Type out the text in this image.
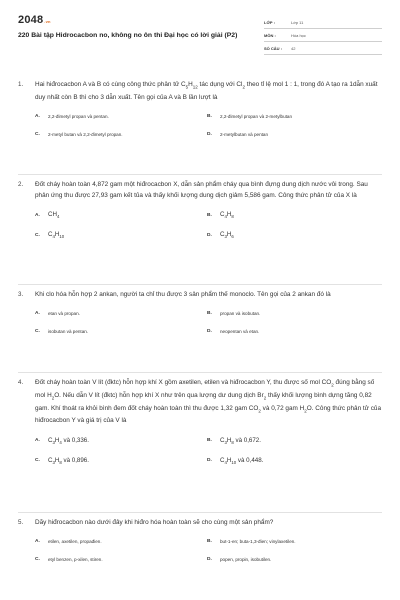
2048 .vn
220 Bài tập Hidrocacbon no, không no ôn thi Đại học có lời giải (P2)
LỚP :	Lớp 11
MÔN :	Hóa học
SỐ CÂU :	42
1.	Hai hiđrocacbon A và B có cùng công thức phân tử $C_5H_{12}$ tác dụng với $Cl_2$ theo tỉ lệ mol 1 : 1, trong đó A tạo ra 1dẫn xuất duy nhất còn B thì cho 3 dẫn xuất. Tên gọi của A và B lần lượt là
A.	2,2-đimetyl propan và pentan.	B.	2,2-đimetyl propan và 2-metylbutan
C.	2-metyl butan và 2,2-đimetyl propan.	D.	2-metylbutan và pentan
2.	Đốt cháy hoàn toàn 4,872 gam một hiđrocacbon X, dẫn sản phẩm cháy qua bình đựng dung dịch nước vôi trong. Sau phản ứng thu được 27,93 gam kết tủa và thấy khối lượng dung dịch giảm 5,586 gam. Công thức phân tử của X là
A.	$CH_4$	B.	$C_4H_8$
C.	$C_4H_{10}$	D.	$C_3H_6$
3.	Khi clo hóa hỗn hợp 2 ankan, người ta chỉ thu được 3 sản phẩm thế monoclo. Tên gọi của 2 ankan đó là
A.	etan và propan.	B.	propan và isobutan.
C.	isobutan và pentan.	D.	neopentan và etan.
4.	Đốt cháy hoàn toàn V lít (đktc) hỗn hợp khí X gồm axetilen, etilen và hiđrocacbon Y, thu được số mol $CO_2$ đúng bằng số mol $H_2O$. Nếu dẫn V lít (đktc) hỗn hợp khí X như trên qua lượng dư dung dịch $Br_2$ thấy khối lượng bình dựng tăng 0,82 gam. Khí thoát ra khỏi bình đem đốt cháy hoàn toàn thì thu được 1,32 gam $CO_2$ và 0,72 gam $H_2O$. Công thức phân tử của hiđrocacbon Y và giá trị của V là
A.	$C_3H_4$ và 0,336.	B.	$C_3H_8$ và 0,672.
C.	$C_3H_8$ và 0,896.	D.	$C_4H_{10}$ và 0,448.
5.	Dãy hiđrocacbon nào dưới đây khi hiđro hóa hoàn toàn sẽ cho cùng một sản phẩm?
A.	etilen, axetilen, propađien.	B.	but-1-en; buta-1,3-đien; vinylaxetilen.
C.	etyl benzen, p-xilen, stiren.	D.	popen, propin, isobutilen.
